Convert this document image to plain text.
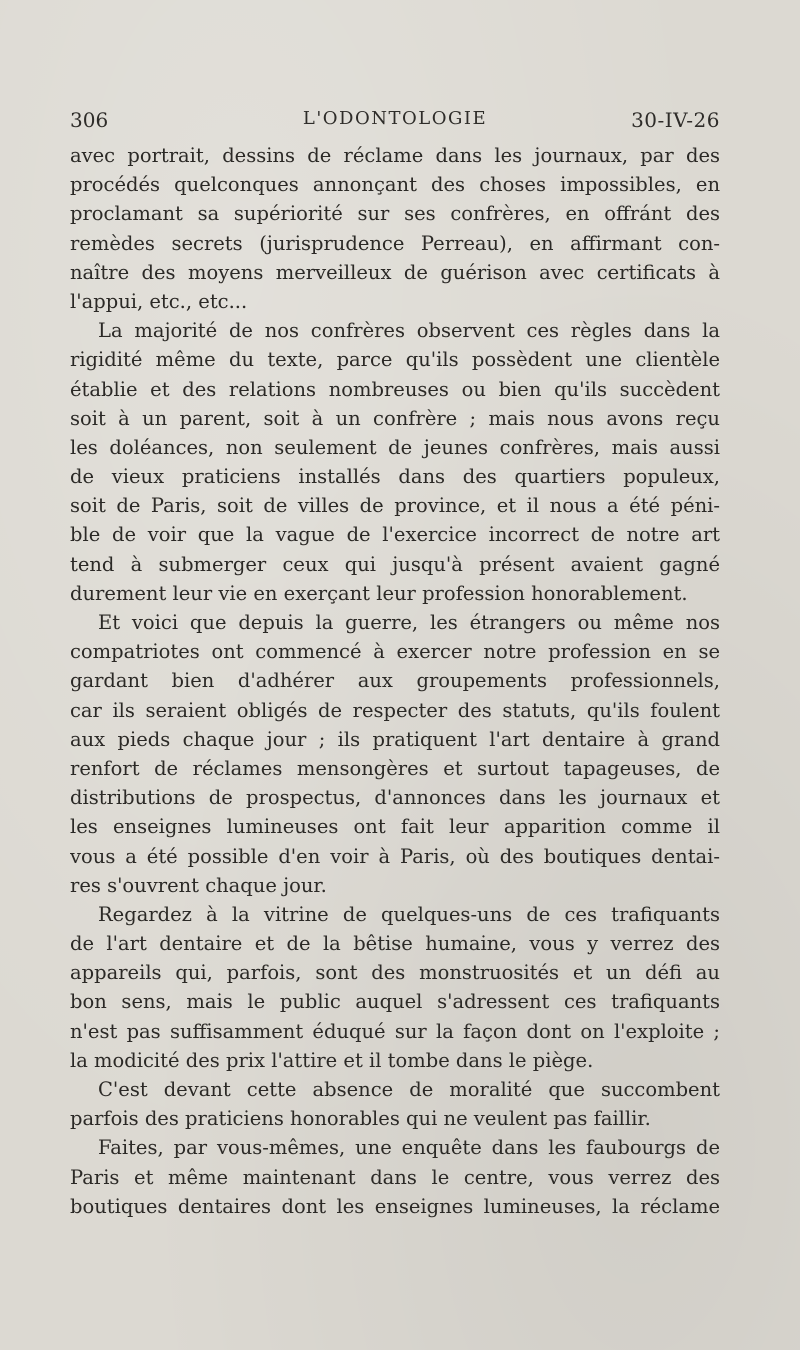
306	L'ODONTOLOGIE	30-IV-26
avec portrait, dessins de réclame dans les journaux, par des
procédés quelconques annonçant des choses impossibles, en
proclamant sa supériorité sur ses confrères, en offránt des
remèdes secrets (jurisprudence Perreau), en affirmant con-
naître des moyens merveilleux de guérison avec certificats à
l'appui, etc., etc...
La majorité de nos confrères observent ces règles dans la
rigidité même du texte, parce qu'ils possèdent une clientèle
établie et des relations nombreuses ou bien qu'ils succèdent
soit à un parent, soit à un confrère ; mais nous avons reçu
les doléances, non seulement de jeunes confrères, mais aussi
de vieux praticiens installés dans des quartiers populeux,
soit de Paris, soit de villes de province, et il nous a été péni-
ble de voir que la vague de l'exercice incorrect de notre art
tend à submerger ceux qui jusqu'à présent avaient gagné
durement leur vie en exerçant leur profession honorablement.
Et voici que depuis la guerre, les étrangers ou même nos
compatriotes ont commencé à exercer notre profession en se
gardant bien d'adhérer aux groupements professionnels,
car ils seraient obligés de respecter des statuts, qu'ils foulent
aux pieds chaque jour ; ils pratiquent l'art dentaire à grand
renfort de réclames mensongères et surtout tapageuses, de
distributions de prospectus, d'annonces dans les journaux et
les enseignes lumineuses ont fait leur apparition comme il
vous a été possible d'en voir à Paris, où des boutiques dentai-
res s'ouvrent chaque jour.
Regardez à la vitrine de quelques-uns de ces trafiquants
de l'art dentaire et de la bêtise humaine, vous y verrez des
appareils qui, parfois, sont des monstruosités et un défi au
bon sens, mais le public auquel s'adressent ces trafiquants
n'est pas suffisamment éduqué sur la façon dont on l'exploite ;
la modicité des prix l'attire et il tombe dans le piège.
C'est devant cette absence de moralité que succombent
parfois des praticiens honorables qui ne veulent pas faillir.
Faites, par vous-mêmes, une enquête dans les faubourgs de
Paris et même maintenant dans le centre, vous verrez des
boutiques dentaires dont les enseignes lumineuses, la réclame
